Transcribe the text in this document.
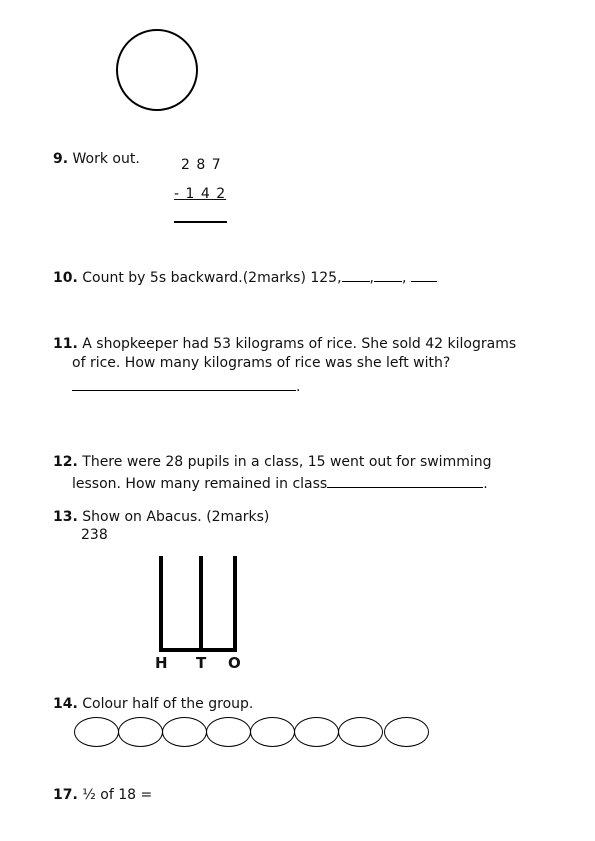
9. Work out.	2 8 7
- 1 4 2
10. Count by 5s backward.(2marks) 125, , ,
11. A shopkeeper had 53 kilograms of rice. She sold 42 kilograms
of rice. How many kilograms of rice was she left with?
.
12. There were 28 pupils in a class, 15 went out for swimming
lesson. How many remained in class	.
13. Show on Abacus. (2marks)
238
H T O
14. Colour half of the group.
17. ½ of 18 =
